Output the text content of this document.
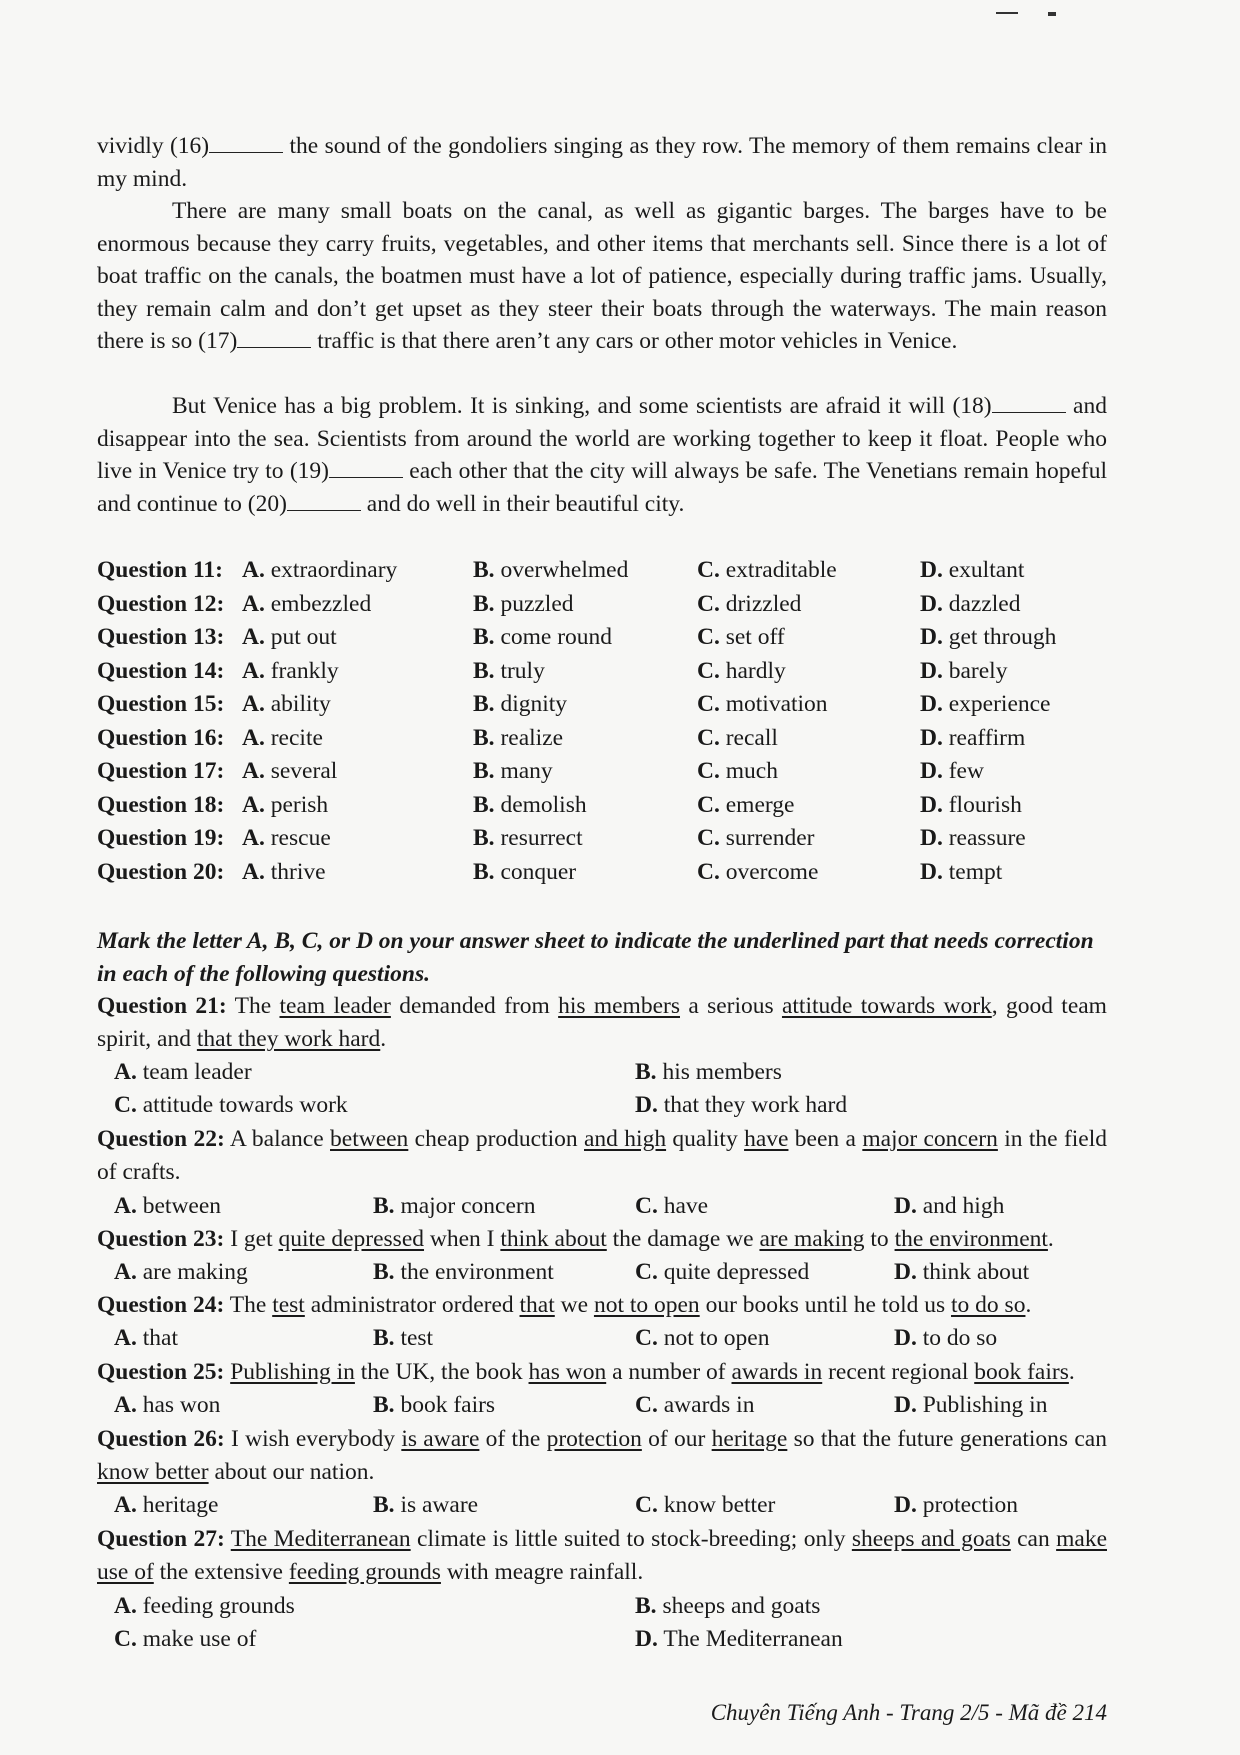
vividly (16)	the sound of the gondoliers singing as they row. The memory of them remains clear in my mind.
There are many small boats on the canal, as well as gigantic barges. The barges have to be enormous because they carry fruits, vegetables, and other items that merchants sell. Since there is a lot of boat traffic on the canals, the boatmen must have a lot of patience, especially during traffic jams. Usually, they remain calm and don’t get upset as they steer their boats through the waterways. The main reason there is so (17)	traffic is that there aren’t any cars or other motor vehicles in Venice.
But Venice has a big problem. It is sinking, and some scientists are afraid it will (18)	and disappear into the sea. Scientists from around the world are working together to keep it float. People who live in Venice try to (19)	each other that the city will always be safe. The Venetians remain hopeful and continue to (20)	and do well in their beautiful city.
Question 11: A. extraordinary	B. overwhelmed	C. extraditable	D. exultant
Question 12: A. embezzled	B. puzzled	C. drizzled	D. dazzled
Question 13: A. put out	B. come round	C. set off	D. get through
Question 14: A. frankly	B. truly	C. hardly	D. barely
Question 15: A. ability	B. dignity	C. motivation	D. experience
Question 16: A. recite	B. realize	C. recall	D. reaffirm
Question 17: A. several	B. many	C. much	D. few
Question 18: A. perish	B. demolish	C. emerge	D. flourish
Question 19: A. rescue	B. resurrect	C. surrender	D. reassure
Question 20: A. thrive	B. conquer	C. overcome	D. tempt
Mark the letter A, B, C, or D on your answer sheet to indicate the underlined part that needs correction in each of the following questions.
Question 21: The team leader demanded from his members a serious attitude towards work, good team spirit, and that they work hard.
A. team leader	B. his members
C. attitude towards work	D. that they work hard
Question 22: A balance between cheap production and high quality have been a major concern in the field of crafts.
A. between	B. major concern	C. have	D. and high
Question 23: I get quite depressed when I think about the damage we are making to the environment.
A. are making	B. the environment	C. quite depressed	D. think about
Question 24: The test administrator ordered that we not to open our books until he told us to do so.
A. that	B. test	C. not to open	D. to do so
Question 25: Publishing in the UK, the book has won a number of awards in recent regional book fairs.
A. has won	B. book fairs	C. awards in	D. Publishing in
Question 26: I wish everybody is aware of the protection of our heritage so that the future generations can know better about our nation.
A. heritage	B. is aware	C. know better	D. protection
Question 27: The Mediterranean climate is little suited to stock-breeding; only sheeps and goats can make use of the extensive feeding grounds with meagre rainfall.
A. feeding grounds	B. sheeps and goats
C. make use of	D. The Mediterranean
Chuyên Tiếng Anh - Trang 2/5 - Mã đề 214
